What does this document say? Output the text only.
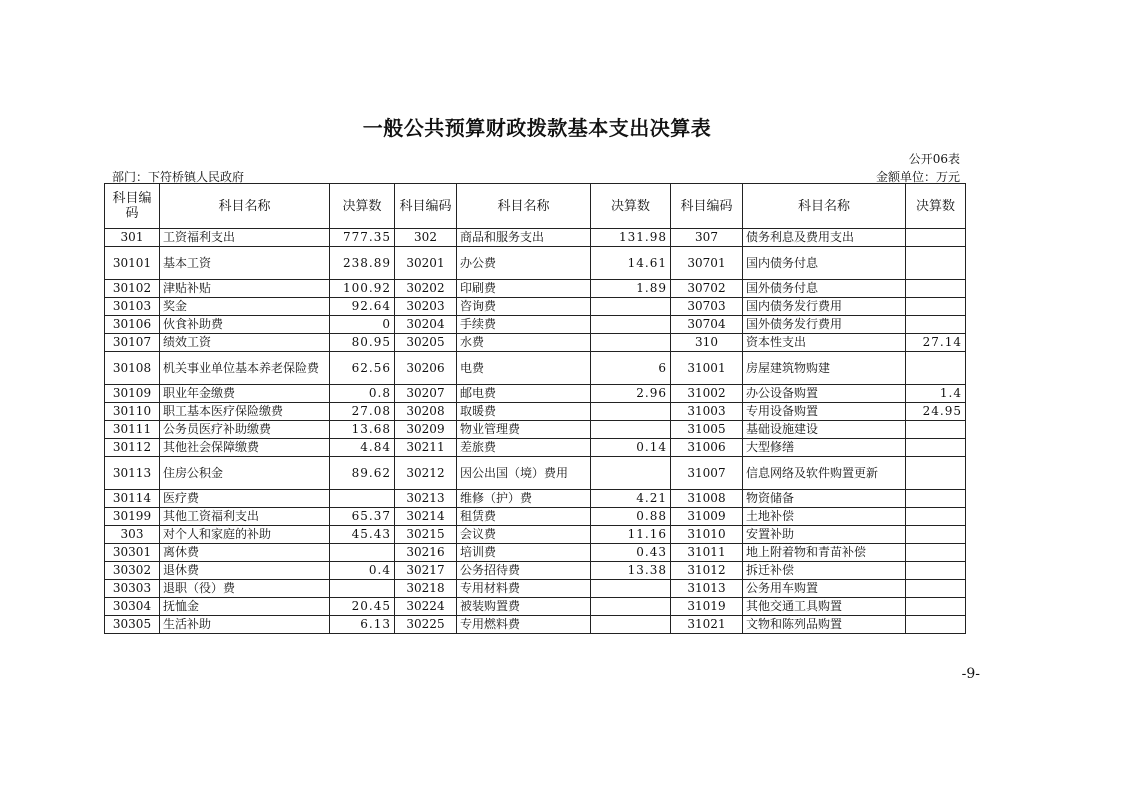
一般公共预算财政拨款基本支出决算表
公开06表
部门：下符桥镇人民政府	金额单位：万元
科目编码	科目名称	决算数	科目编码	科目名称	决算数	科目编码	科目名称	决算数
301	工资福利支出	777.35	302	商品和服务支出	131.98	307	债务利息及费用支出	
30101	基本工资	238.89	30201	办公费	14.61	30701	国内债务付息	
30102	津贴补贴	100.92	30202	印刷费	1.89	30702	国外债务付息	
30103	奖金	92.64	30203	咨询费		30703	国内债务发行费用	
30106	伙食补助费	0	30204	手续费		30704	国外债务发行费用	
30107	绩效工资	80.95	30205	水费		310	资本性支出	27.14
30108	机关事业单位基本养老保险费	62.56	30206	电费	6	31001	房屋建筑物购建	
30109	职业年金缴费	0.8	30207	邮电费	2.96	31002	办公设备购置	1.4
30110	职工基本医疗保险缴费	27.08	30208	取暖费		31003	专用设备购置	24.95
30111	公务员医疗补助缴费	13.68	30209	物业管理费		31005	基础设施建设	
30112	其他社会保障缴费	4.84	30211	差旅费	0.14	31006	大型修缮	
30113	住房公积金	89.62	30212	因公出国（境）费用		31007	信息网络及软件购置更新	
30114	医疗费		30213	维修（护）费	4.21	31008	物资储备	
30199	其他工资福利支出	65.37	30214	租赁费	0.88	31009	土地补偿	
303	对个人和家庭的补助	45.43	30215	会议费	11.16	31010	安置补助	
30301	离休费		30216	培训费	0.43	31011	地上附着物和青苗补偿	
30302	退休费	0.4	30217	公务招待费	13.38	31012	拆迁补偿	
30303	退职（役）费		30218	专用材料费		31013	公务用车购置	
30304	抚恤金	20.45	30224	被装购置费		31019	其他交通工具购置	
30305	生活补助	6.13	30225	专用燃料费		31021	文物和陈列品购置	
-9-
